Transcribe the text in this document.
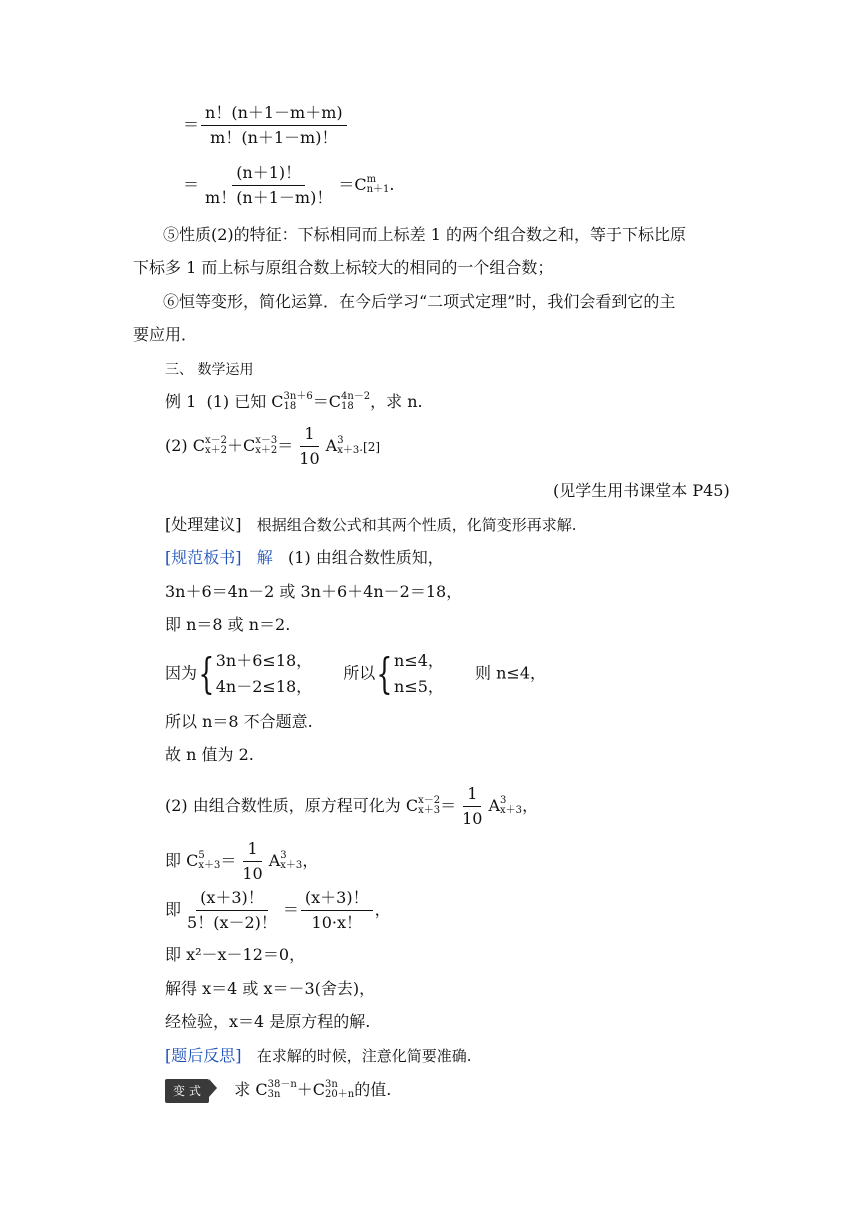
＝ $\frac{n!(n+1-m+m)}{m!(n+1-m)!}$
＝ $\frac{(n+1)!}{m!(n+1-m)!} =C$ m
n＋1 .
⑤性质(2)的特征：下标相同而上标差 1 的两个组合数之和，等于下标比原
下标多 1 而上标与原组合数上标较大的相同的一个组合数；
⑥恒等变形，简化运算．在今后学习“二项式定理”时，我们会看到它的主
要应用．
三、 数学运用
例 1 (1) 已知 C 3n＋6
18	＝C 4n－2
18	，求 n.
(2) C x－2
x＋2 ＋C x－3
$x+2 = \frac{1}{10}$ A 3
x＋3 .[2]
(见学生用书课堂本 P45)
[处理建议] 根据组合数公式和其两个性质，化简变形再求解.
[规范板书] 解 (1) 由组合数性质知，
3n＋6＝4n－2 或 3n＋6＋4n－2＝18，
即 n＝8 或 n＝2.
因为{ 3n＋6≤18，
4n－2≤18，
所以{ n≤4，
n≤5，
则 n≤4，
所以 n＝8 不合题意.
故 n 值为 2.
(2) 由组合数性质，原方程可化为 C x－2
$x+3 = \frac{1}{10}$ A 3
x＋3 ，
即 C 5
$x+3 = \frac{1}{10}$ A 3
x＋3 ，
即 $\frac{(x+3)!}{5!(x-2)!} = \frac{(x+3)!}{10\cdot x!}$ ，
即 x²－x－12＝0，
解得 x＝4 或 x＝－3(舍去)，
经检验，x＝4 是原方程的解.
[题后反思] 在求解的时候，注意化简要准确.
变 式 求 C 38－n
3n	＋C 3n
20＋n 的值.
